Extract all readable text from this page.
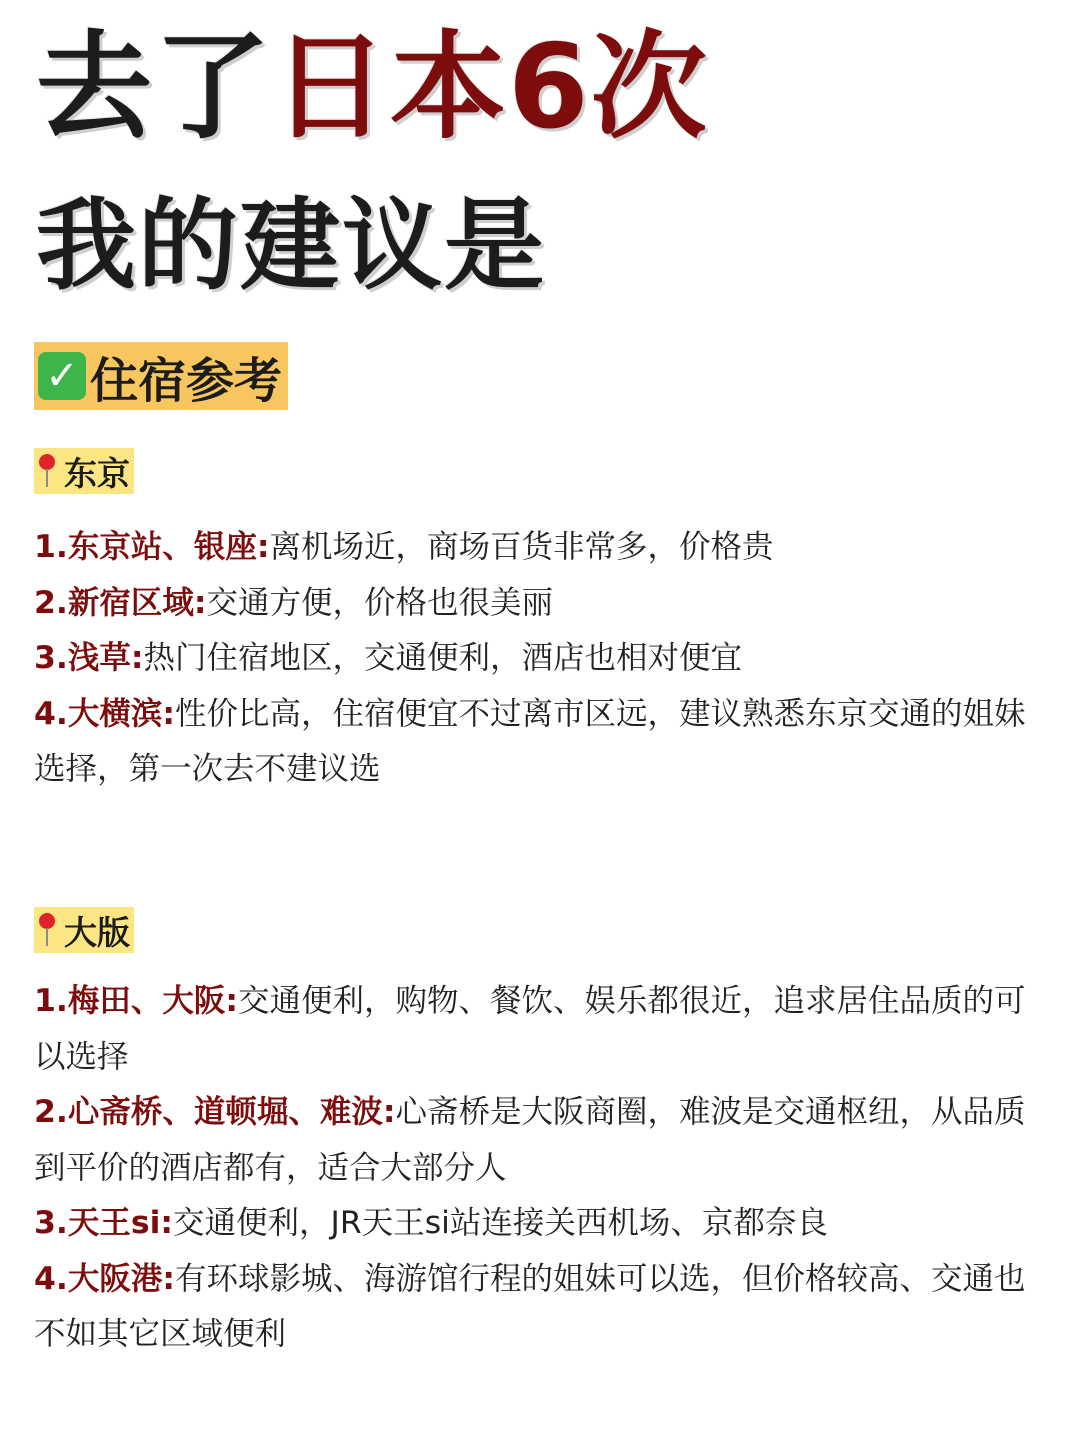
去了日本6次
我的建议是
✓ 住宿参考
东京

1.东京站、银座:离机场近，商场百货非常多，价格贵

2.新宿区域:交通方便，价格也很美丽

3.浅草:热门住宿地区，交通便利，酒店也相对便宜

4.大横滨:性价比高，住宿便宜不过离市区远，建议熟悉东京交通的姐妹选择，第一次去不建议选

大版

1.梅田、大阪:交通便利，购物、餐饮、娱乐都很近，追求居住品质的可以选择

2.心斋桥、道顿堀、难波:心斋桥是大阪商圈，难波是交通枢纽，从品质到平价的酒店都有，适合大部分人

3.天王si:交通便利，JR天王si站连接关西机场、京都奈良

4.大阪港:有环球影城、海游馆行程的姐妹可以选，但价格较高、交通也不如其它区域便利
